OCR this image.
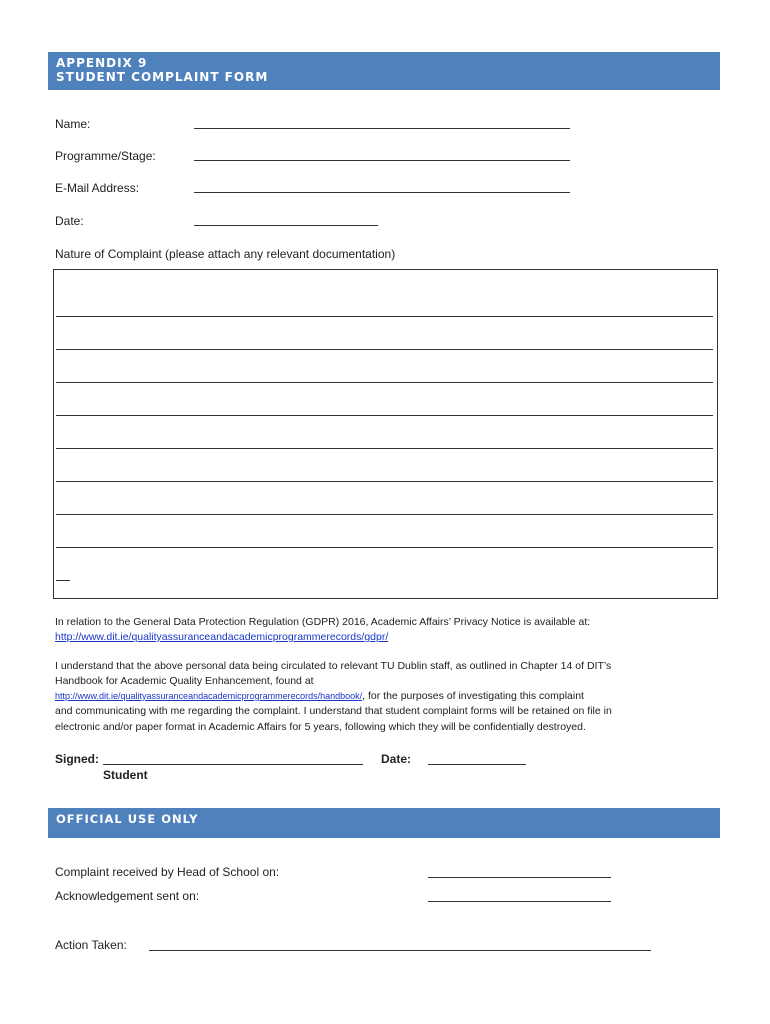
APPENDIX 9
STUDENT COMPLAINT FORM
Name:
Programme/Stage:
E-Mail Address:
Date:
Nature of Complaint (please attach any relevant documentation)
In relation to the General Data Protection Regulation (GDPR) 2016, Academic Affairs’ Privacy Notice is available at:
http://www.dit.ie/qualityassuranceandacademicprogrammerecords/gdpr/
I understand that the above personal data being circulated to relevant TU Dublin staff, as outlined in Chapter 14 of DIT’s
Handbook for Academic Quality Enhancement, found at
http://www.dit.ie/qualityassuranceandacademicprogrammerecords/handbook/, for the purposes of investigating this complaint
and communicating with me regarding the complaint. I understand that student complaint forms will be retained on file in
electronic and/or paper format in Academic Affairs for 5 years, following which they will be confidentially destroyed.
Signed:
Student
Date:
OFFICIAL USE ONLY
Complaint received by Head of School on:
Acknowledgement sent on:
Action Taken:
